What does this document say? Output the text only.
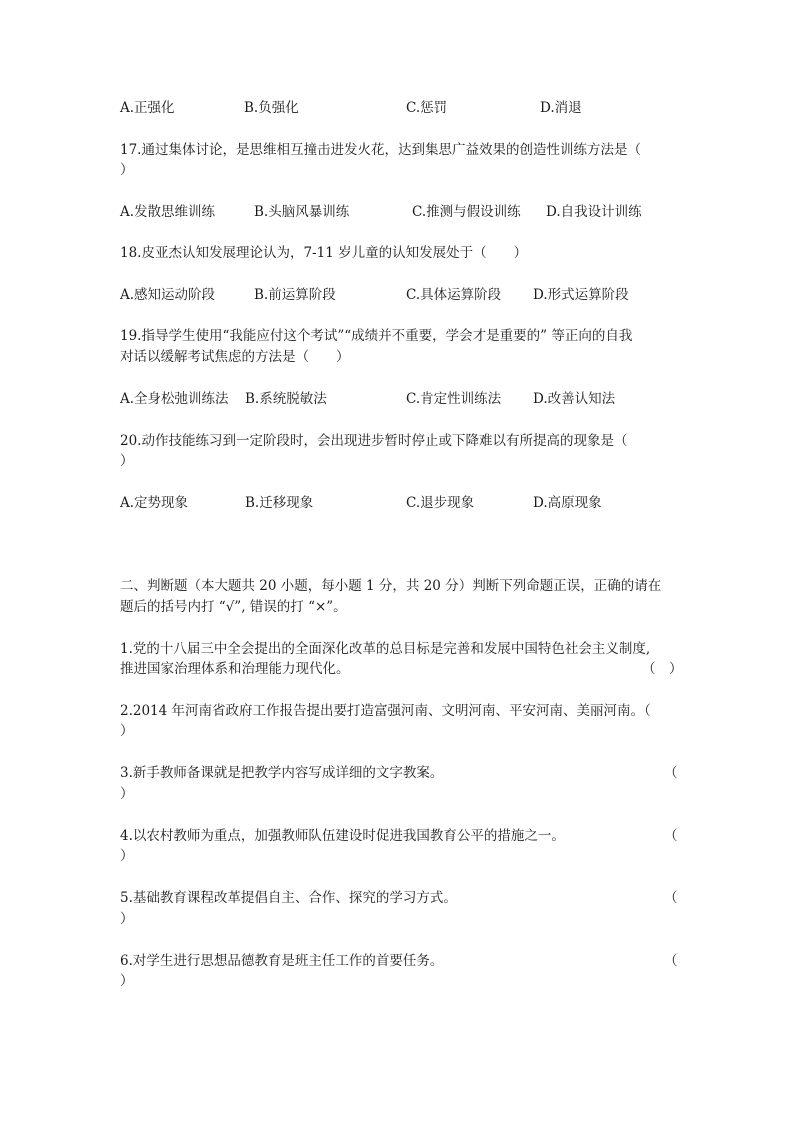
A.正强化	B.负强化	C.惩罚	D.消退
17.通过集体讨论，是思维相互撞击进发火花，达到集思广益效果的创造性训练方法是（
）
A.发散思维训练	B.头脑风暴训练	C.推测与假设训练 D.自我设计训练
18.皮亚杰认知发展理论认为，7-11 岁儿童的认知发展处于（　　）
A.感知运动阶段	B.前运算阶段	C.具体运算阶段 D.形式运算阶段
19.指导学生使用“我能应付这个考试”“成绩并不重要，学会才是重要的” 等正向的自我
对话以缓解考试焦虑的方法是（　　）
A.全身松弛训练法 B.系统脱敏法	C.肯定性训练法 D.改善认知法
20.动作技能练习到一定阶段时，会出现进步暂时停止或下降难以有所提高的现象是（
）
A.定势现象	B.迁移现象	C.退步现象	D.高原现象
二、判断题（本大题共 20 小题，每小题 1 分，共 20 分）判断下列命题正误，正确的请在
题后的括号内打 “√”, 错误的打 “×”。
1.党的十八届三中全会提出的全面深化改革的总目标是完善和发展中国特色社会主义制度,
推进国家治理体系和治理能力现代化。	（　）
2.2014 年河南省政府工作报告提出要打造富强河南、文明河南、平安河南、美丽河南。（
）
3.新手教师备课就是把教学内容写成详细的文字教案。	（
）
4.以农村教师为重点，加强教师队伍建设时促进我国教育公平的措施之一。	（
）
5.基础教育课程改革提倡自主、合作、探究的学习方式。	（
）
6.对学生进行思想品德教育是班主任工作的首要任务。	（
）
